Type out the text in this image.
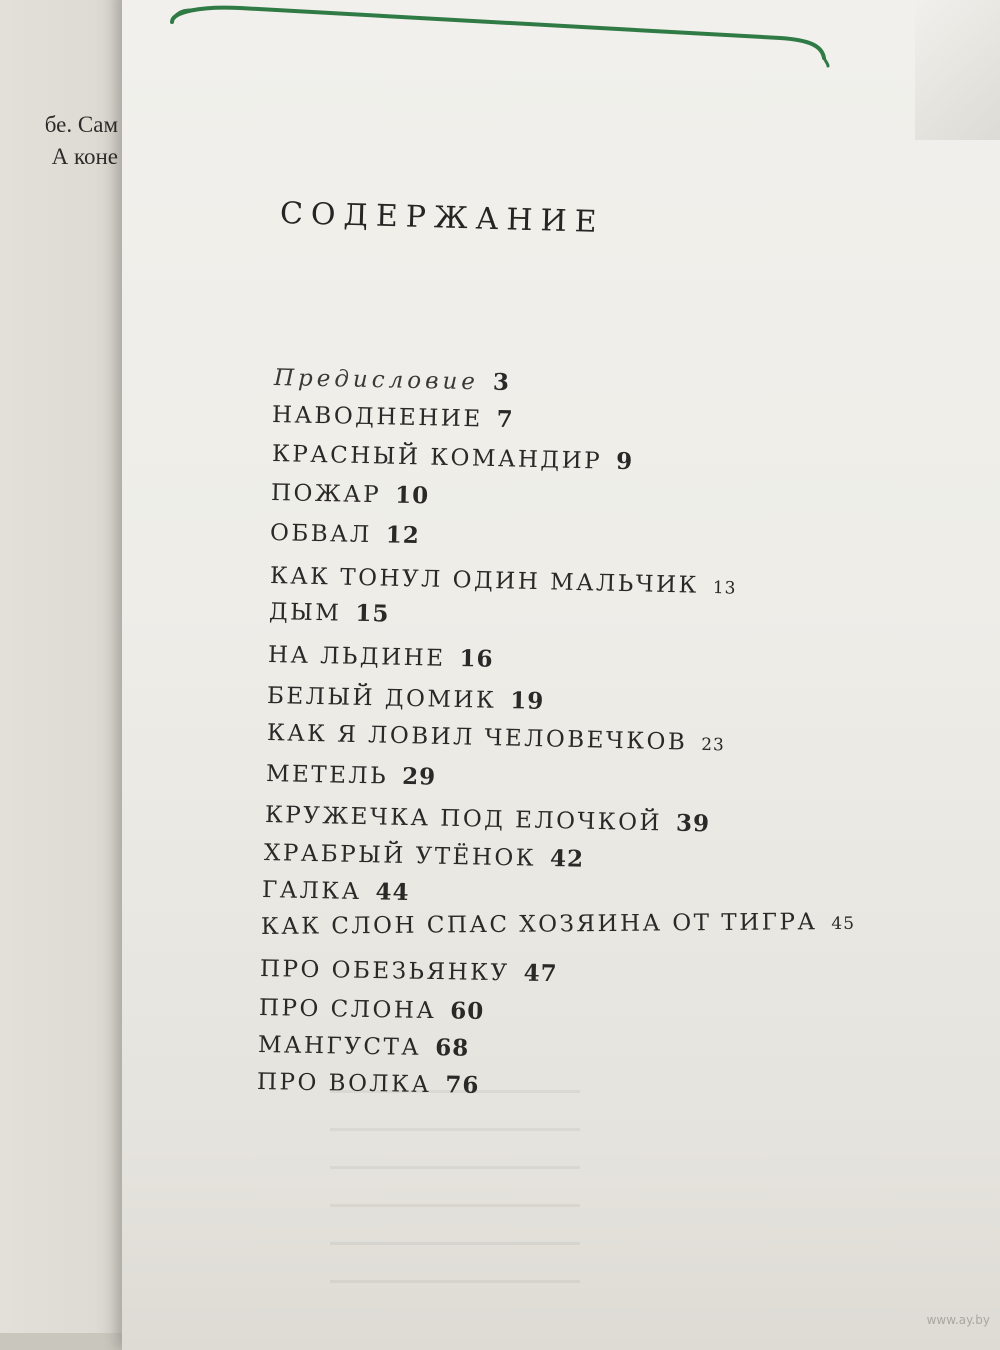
бе. Сам
А коне
СОДЕРЖАНИЕ
Предисловие 3
НАВОДНЕНИЕ 7
КРАСНЫЙ КОМАНДИР 9
ПОЖАР 10
ОБВАЛ 12
КАК ТОНУЛ ОДИН МАЛЬЧИК 13
ДЫМ 15
НА ЛЬДИНЕ 16
БЕЛЫЙ ДОМИК 19
КАК Я ЛОВИЛ ЧЕЛОВЕЧКОВ 23
МЕТЕЛЬ 29
КРУЖЕЧКА ПОД ЕЛОЧКОЙ 39
ХРАБРЫЙ УТЁНОК 42
ГАЛКА 44
КАК СЛОН СПАС ХОЗЯИНА ОТ ТИГРА 45
ПРО ОБЕЗЬЯНКУ 47
ПРО СЛОНА 60
МАНГУСТА 68
ПРО ВОЛКА 76
www.ay.by
